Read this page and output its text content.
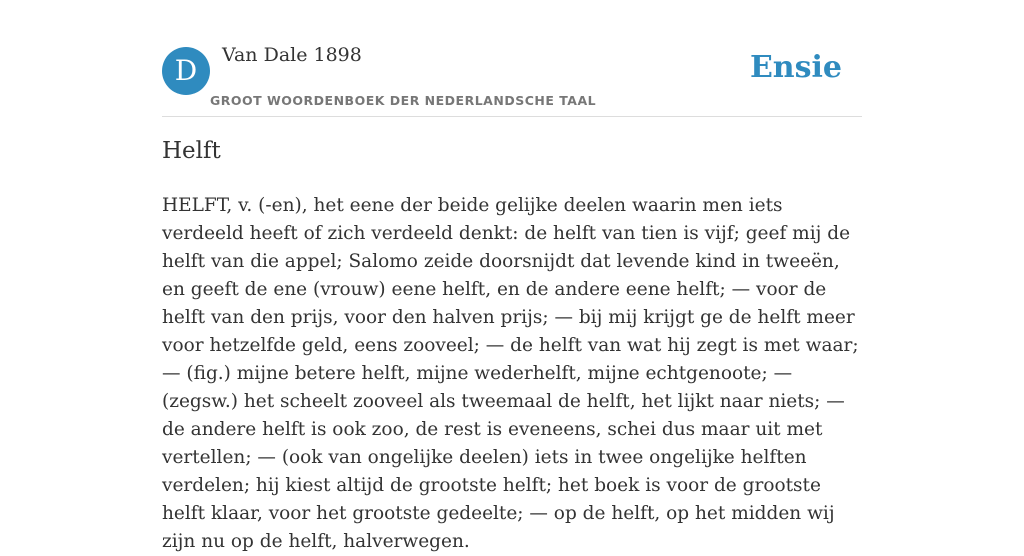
D	Van Dale 1898
GROOT WOORDENBOEK DER NEDERLANDSCHE TAAL
Ensie
Helft

HELFT, v. (-en), het eene der beide gelijke deelen waarin men iets verdeeld heeft of zich verdeeld denkt: de helft van tien is vijf; geef mij de helft van die appel; Salomo zeide doorsnijdt dat levende kind in tweeën, en geeft de ene (vrouw) eene helft, en de andere eene helft; — voor de helft van den prijs, voor den halven prijs; — bij mij krijgt ge de helft meer voor hetzelfde geld, eens zooveel; — de helft van wat hij zegt is met waar; — (fig.) mijne betere helft, mijne wederhelft, mijne echtgenoote; — (zegsw.) het scheelt zooveel als tweemaal de helft, het lijkt naar niets; — de andere helft is ook zoo, de rest is eveneens, schei dus maar uit met vertellen; — (ook van ongelijke deelen) iets in twee ongelijke helften verdelen; hij kiest altijd de grootste helft; het boek is voor de grootste helft klaar, voor het grootste gedeelte; — op de helft, op het midden wij zijn nu op de helft, halverwegen.
